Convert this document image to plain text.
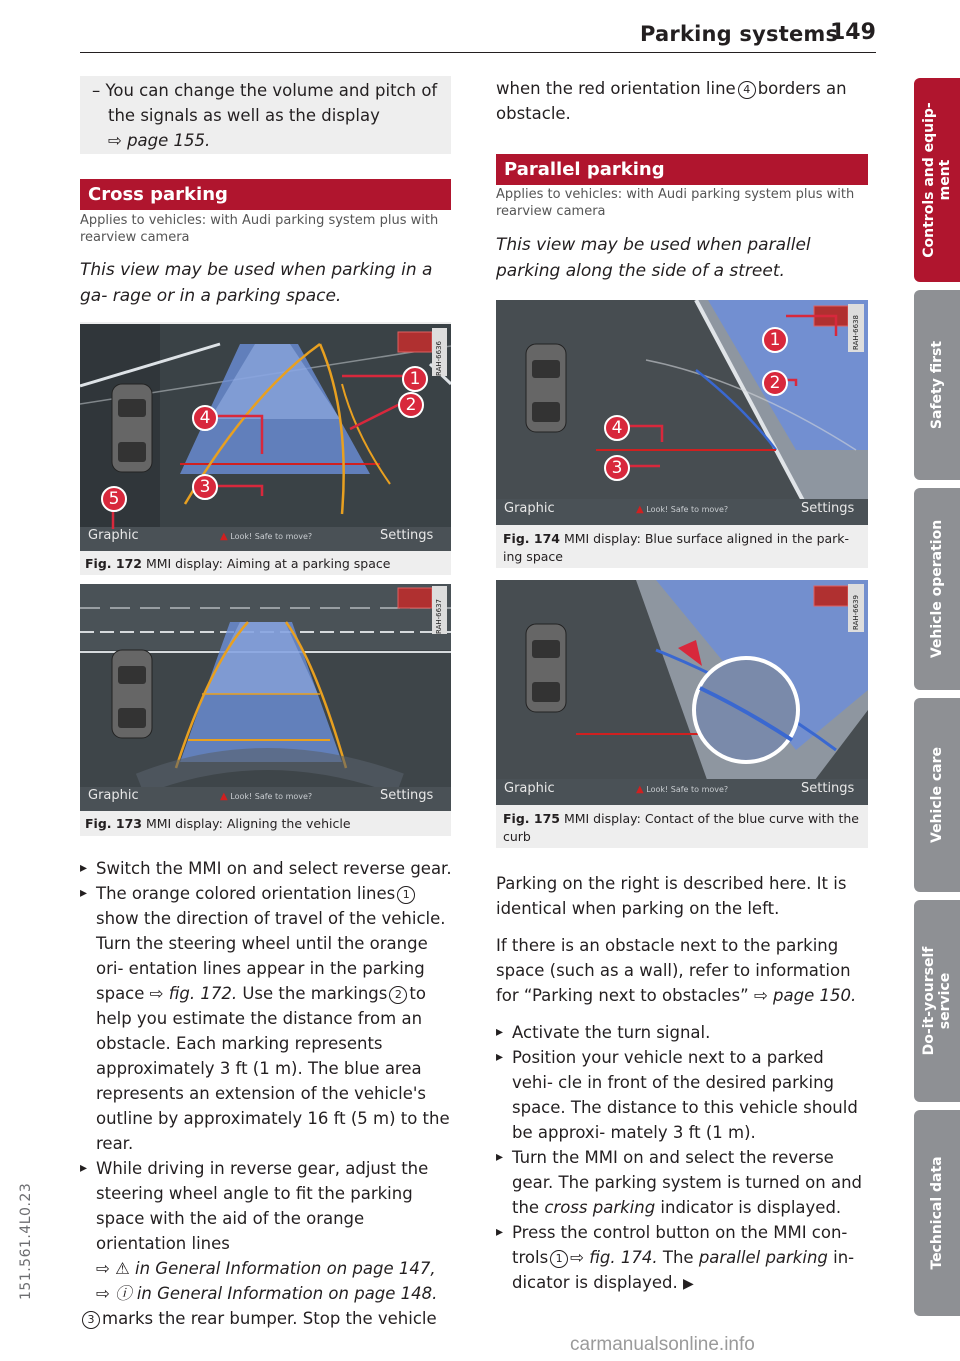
Parking systems
149
Controls and equip-
ment
Safety first
Vehicle operation
Vehicle care
Do-it-yourself
service
Technical data
151.561.4L0.23

– You can change the volume and pitch of
the signals as well as the display
⇨ page 155.

Cross parking
Applies to vehicles: with Audi parking system plus with rearview camera
This view may be used when parking in a ga- rage or in a parking space.
Graphic	▲ Look! Safe to move?	Settings
RAH-6636
1
2
4
3
5
Fig. 172 MMI display: Aiming at a parking space
Graphic	▲ Look! Safe to move?	Settings
RAH-6637
Fig. 173 MMI display: Aligning the vehicle
▸ Switch the MMI on and select reverse gear.
▸ The orange colored orientation lines 1 show the direction of travel of the vehicle. Turn the steering wheel until the orange ori- entation lines appear in the parking space ⇨ fig. 172. Use the markings 2 to help you estimate the distance from an obstacle. Each marking represents approximately 3 ft (1 m). The blue area represents an extension of the vehicle's outline by approximately 16 ft (5 m) to the rear.
▸ While driving in reverse gear, adjust the steering wheel angle to fit the parking space with the aid of the orange orientation lines
⇨ ⚠ in General Information on page 147,
⇨ ⓘ in General Information on page 148.
3 marks the rear bumper. Stop the vehicle
when the red orientation line 4 borders an obstacle.
Parallel parking
Applies to vehicles: with Audi parking system plus with rearview camera
This view may be used when parallel parking along the side of a street.
Graphic	▲ Look! Safe to move?	Settings
RAH-6638
1
2
4
3
Fig. 174 MMI display: Blue surface aligned in the park- ing space
Graphic	▲ Look! Safe to move?	Settings
RAH-6639
Fig. 175 MMI display: Contact of the blue curve with the curb

Parking on the right is described here. It is identical when parking on the left.

If there is an obstacle next to the parking space (such as a wall), refer to information for “Parking next to obstacles” ⇨ page 150.

▸ Activate the turn signal.
▸ Position your vehicle next to a parked vehi- cle in front of the desired parking space. The distance to this vehicle should be approxi- mately 3 ft (1 m).
▸ Turn the MMI on and select the reverse gear. The parking system is turned on and the cross parking indicator is displayed.
▸ Press the control button on the MMI con- trols 1 ⇨ fig. 174. The parallel parking in- dicator is displayed. ▶
carmanualsonline.info
